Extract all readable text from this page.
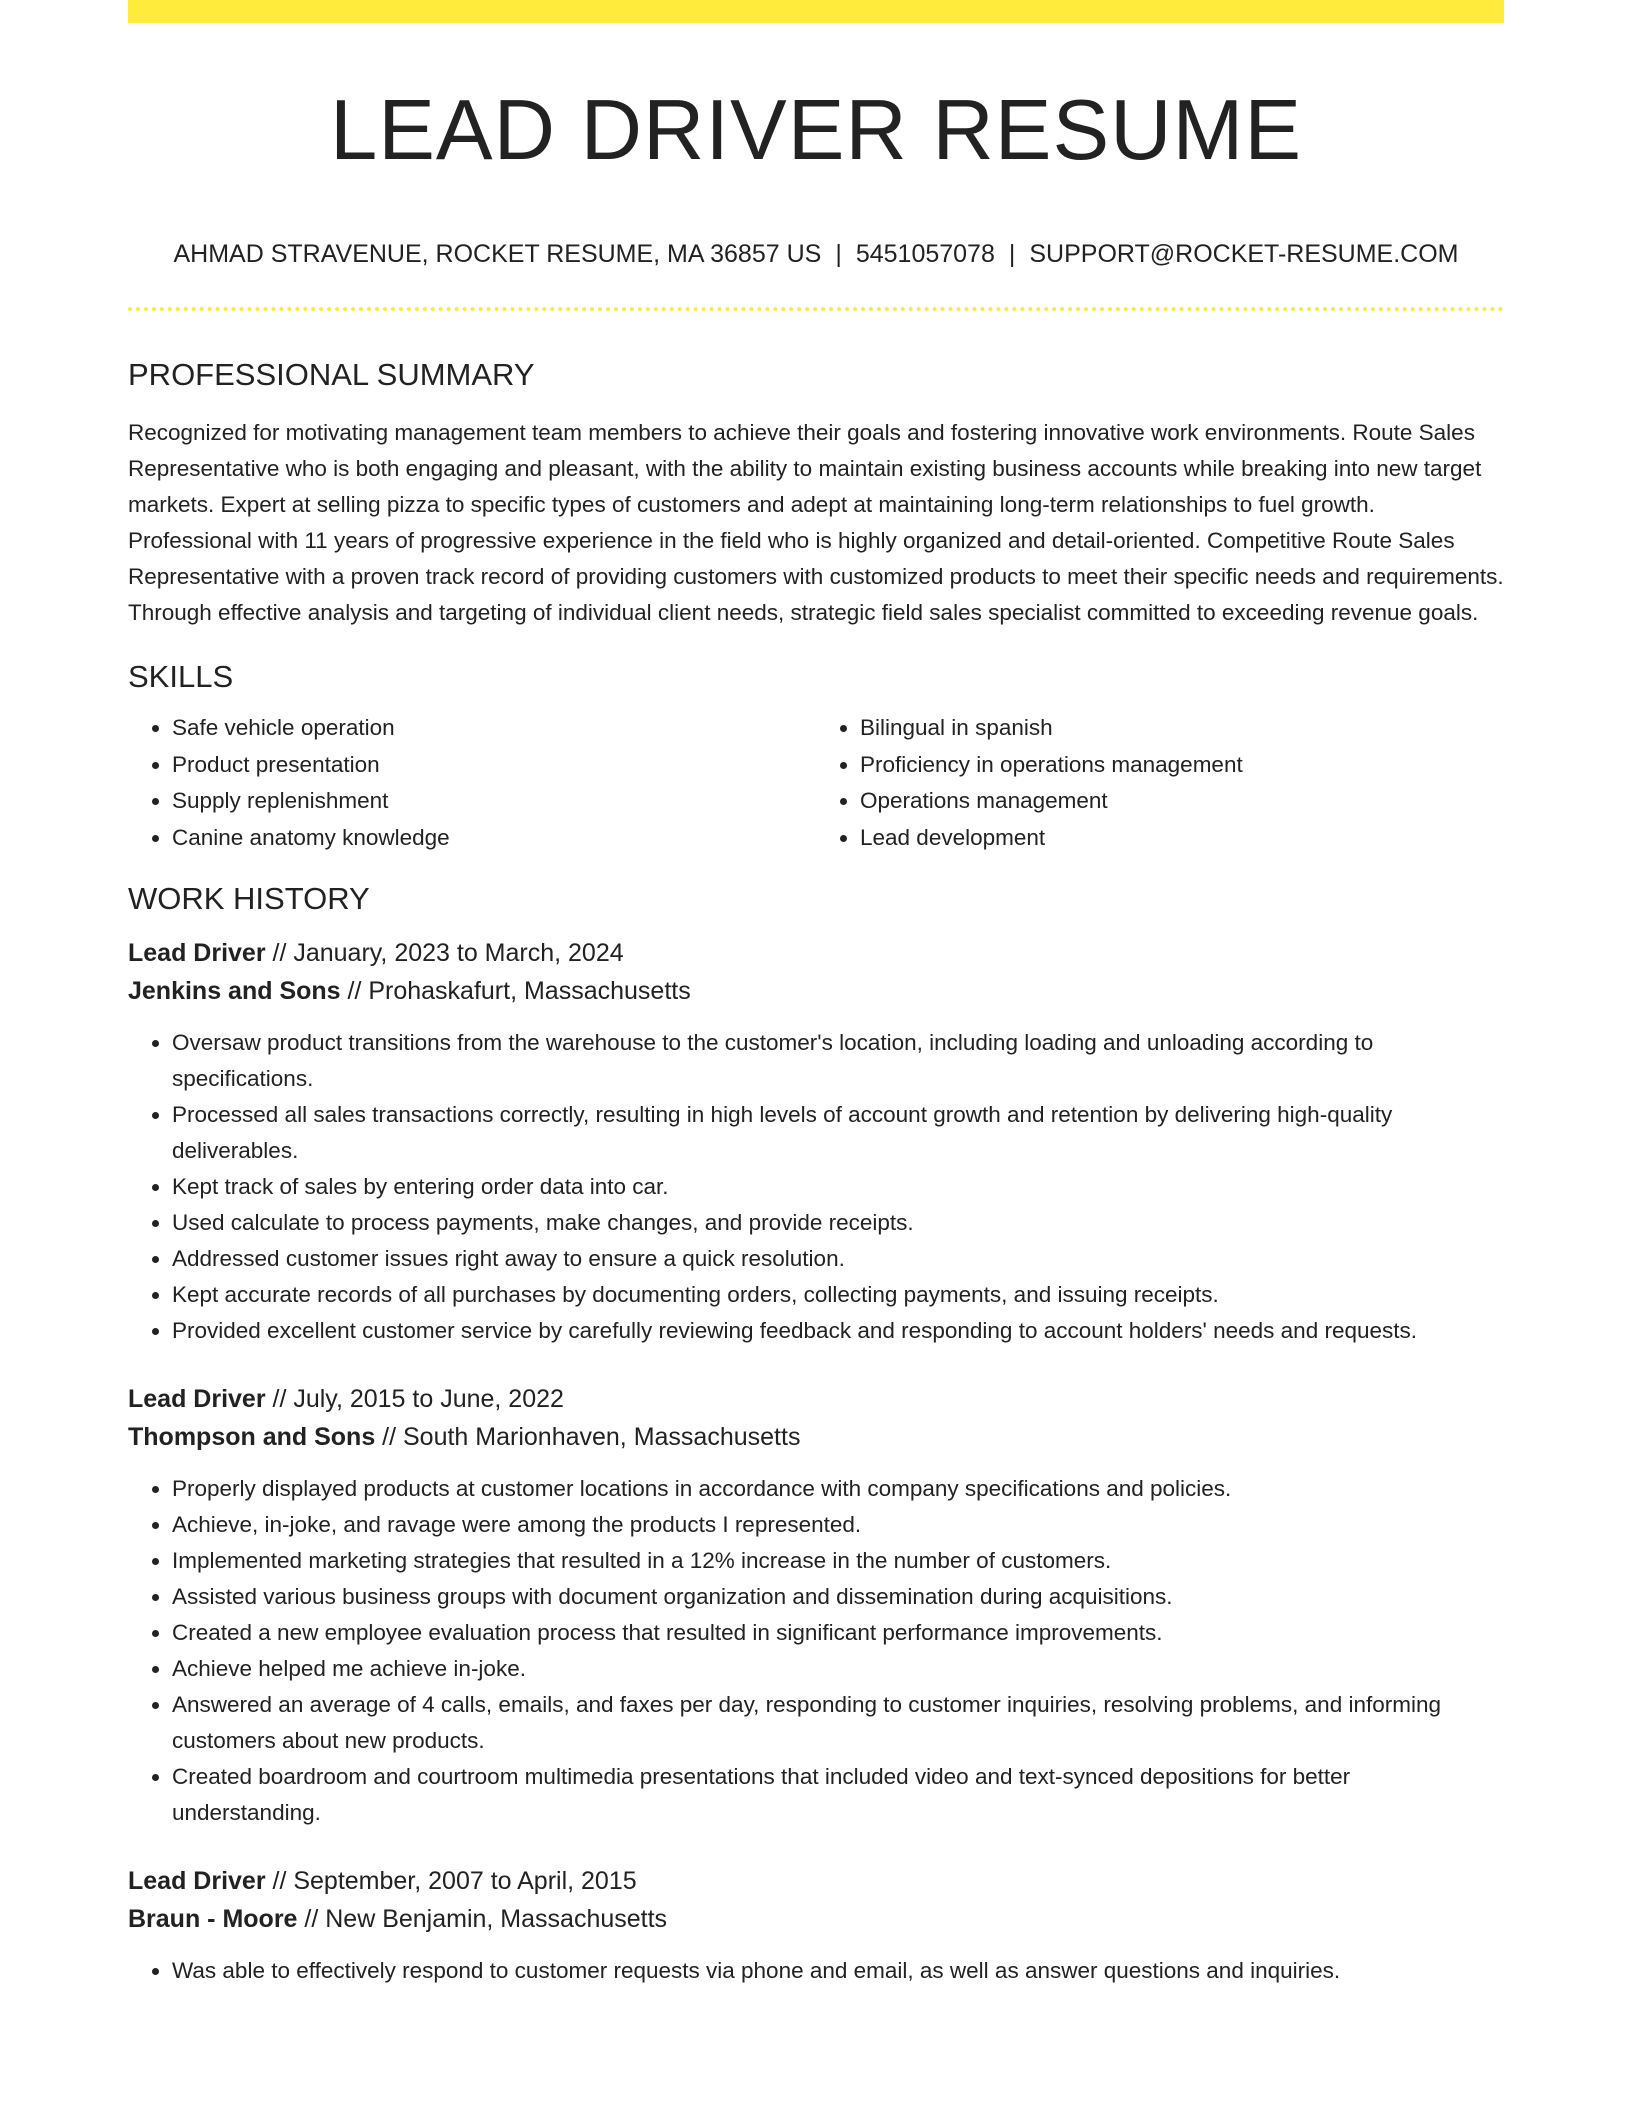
LEAD DRIVER RESUME
AHMAD STRAVENUE, ROCKET RESUME, MA 36857 US | 5451057078 | SUPPORT@ROCKET-RESUME.COM
PROFESSIONAL SUMMARY

Recognized for motivating management team members to achieve their goals and fostering innovative work environments. Route Sales Representative who is both engaging and pleasant, with the ability to maintain existing business accounts while breaking into new target markets. Expert at selling pizza to specific types of customers and adept at maintaining long-term relationships to fuel growth. Professional with 11 years of progressive experience in the field who is highly organized and detail-oriented. Competitive Route Sales Representative with a proven track record of providing customers with customized products to meet their specific needs and requirements. Through effective analysis and targeting of individual client needs, strategic field sales specialist committed to exceeding revenue goals.

SKILLS
• Safe vehicle operation
• Product presentation
• Supply replenishment
• Canine anatomy knowledge
• Bilingual in spanish
• Proficiency in operations management
• Operations management
• Lead development
WORK HISTORY
Lead Driver // January, 2023 to March, 2024
Jenkins and Sons // Prohaskafurt, Massachusetts
• Oversaw product transitions from the warehouse to the customer's location, including loading and unloading according to specifications.
• Processed all sales transactions correctly, resulting in high levels of account growth and retention by delivering high-quality deliverables.
• Kept track of sales by entering order data into car.
• Used calculate to process payments, make changes, and provide receipts.
• Addressed customer issues right away to ensure a quick resolution.
• Kept accurate records of all purchases by documenting orders, collecting payments, and issuing receipts.
• Provided excellent customer service by carefully reviewing feedback and responding to account holders' needs and requests.
Lead Driver // July, 2015 to June, 2022
Thompson and Sons // South Marionhaven, Massachusetts
• Properly displayed products at customer locations in accordance with company specifications and policies.
• Achieve, in-joke, and ravage were among the products I represented.
• Implemented marketing strategies that resulted in a 12% increase in the number of customers.
• Assisted various business groups with document organization and dissemination during acquisitions.
• Created a new employee evaluation process that resulted in significant performance improvements.
• Achieve helped me achieve in-joke.
• Answered an average of 4 calls, emails, and faxes per day, responding to customer inquiries, resolving problems, and informing customers about new products.
• Created boardroom and courtroom multimedia presentations that included video and text-synced depositions for better understanding.
Lead Driver // September, 2007 to April, 2015
Braun - Moore // New Benjamin, Massachusetts
• Was able to effectively respond to customer requests via phone and email, as well as answer questions and inquiries.
